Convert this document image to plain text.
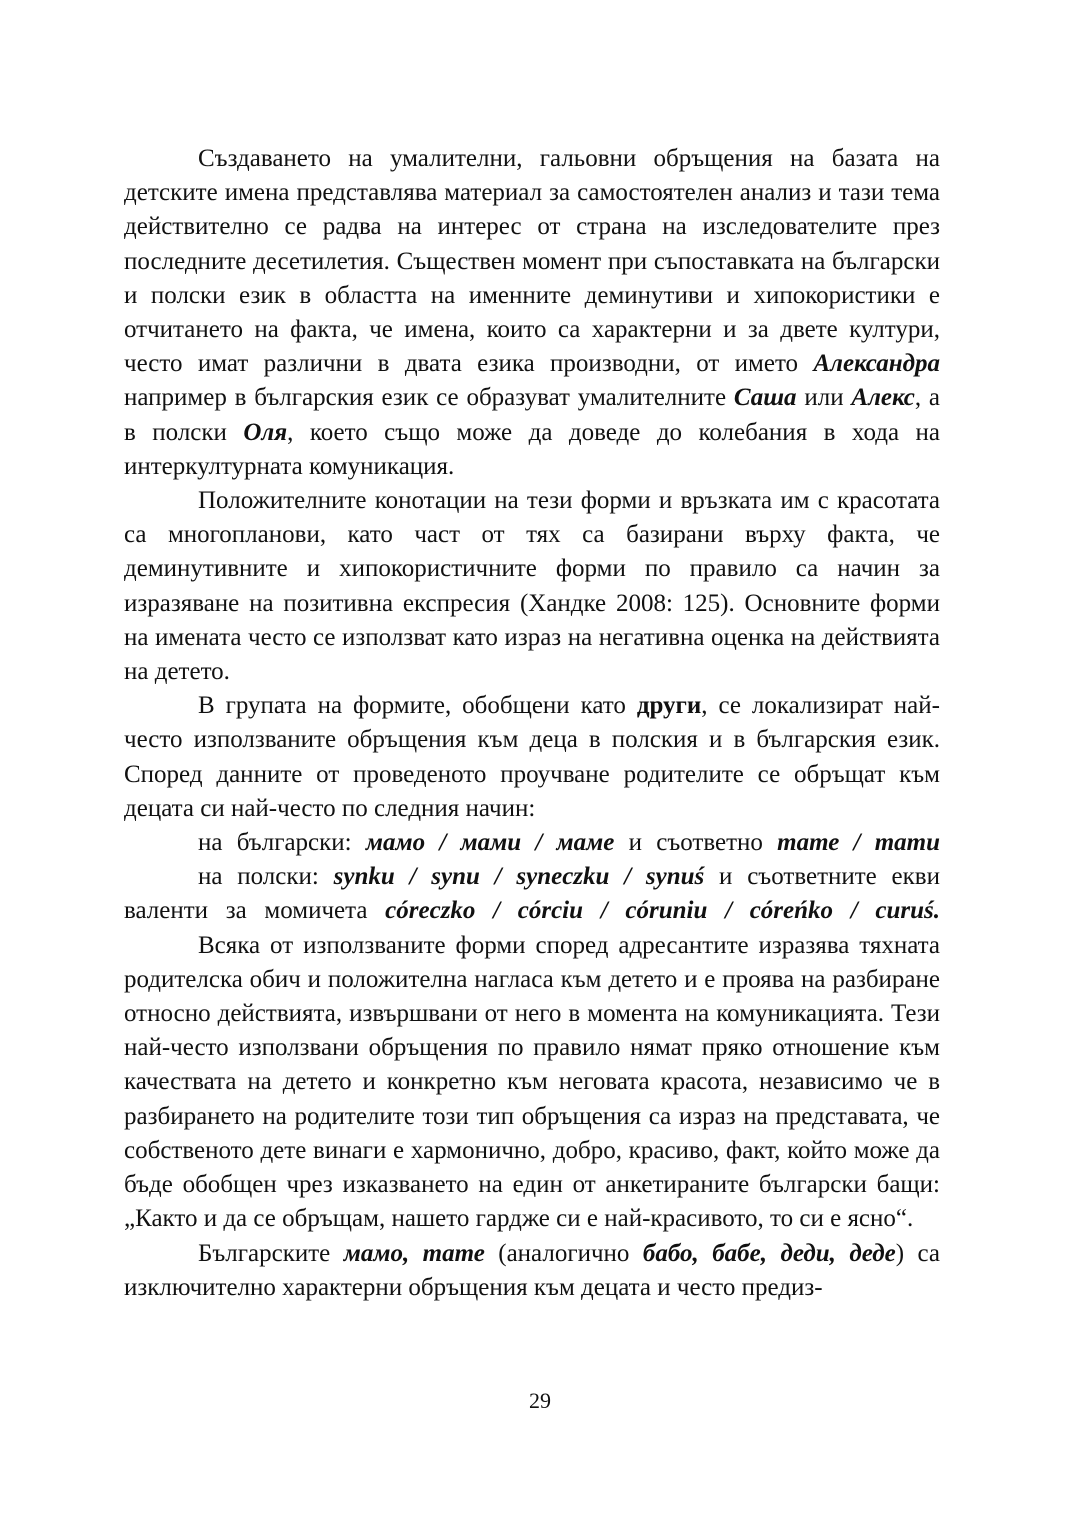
Създаването на умалителни, гальовни обръщения на базата на детските имена представлява материал за самостоятелен анализ и тази тема действително се радва на интерес от страна на изследователите през последните десетилетия. Съществен момент при съпоставката на български и полски език в областта на именните деминутиви и хипокористики е отчитането на факта, че имена, които са характерни и за двете култури, често имат различни в двата езика производни, от името Александра например в българския език се образуват умалителните Саша или Алекс, а в полски Оля, което също може да доведе до колебания в хода на интеркултурната комуникация.

Положителните конотации на тези форми и връзката им с красотата са многопланови, като част от тях са базирани върху факта, че деминутивните и хипокористичните форми по правило са начин за изразяване на позитивна експресия (Хандке 2008: 125). Основните форми на имената често се използват като израз на негативна оценка на действията на детето.

В групата на формите, обобщени като други, се локализират най-често използваните обръщения към деца в полския и в българския език. Според данните от проведеното проучване родителите се обръщат към децата си най-често по следния начин:

на български: мамо / мами / маме и съответно тате / тати

на полски: synku / synu / syneczku / synuś и съответните екви

валенти за момичета córeczko / córciu / córuniu / córeńko / curuś.

Всяка от използваните форми според адресантите изразява тяхната родителска обич и положителна нагласа към детето и е проява на разбиране относно действията, извършвани от него в момента на комуникацията. Тези най-често използвани обръщения по правило нямат пряко отношение към качествата на детето и конкретно към неговата красота, независимо че в разбирането на родителите този тип обръщения са израз на представата, че собственото дете винаги е хармонично, добро, красиво, факт, който може да бъде обобщен чрез изказването на един от анкетираните български бащи: „Както и да се обръщам, нашето гардже си е най-красивото, то си е ясно“.

Българските мамо, тате (аналогично бабо, бабе, деди, деде) са изключително характерни обръщения към децата и често предиз-

29
